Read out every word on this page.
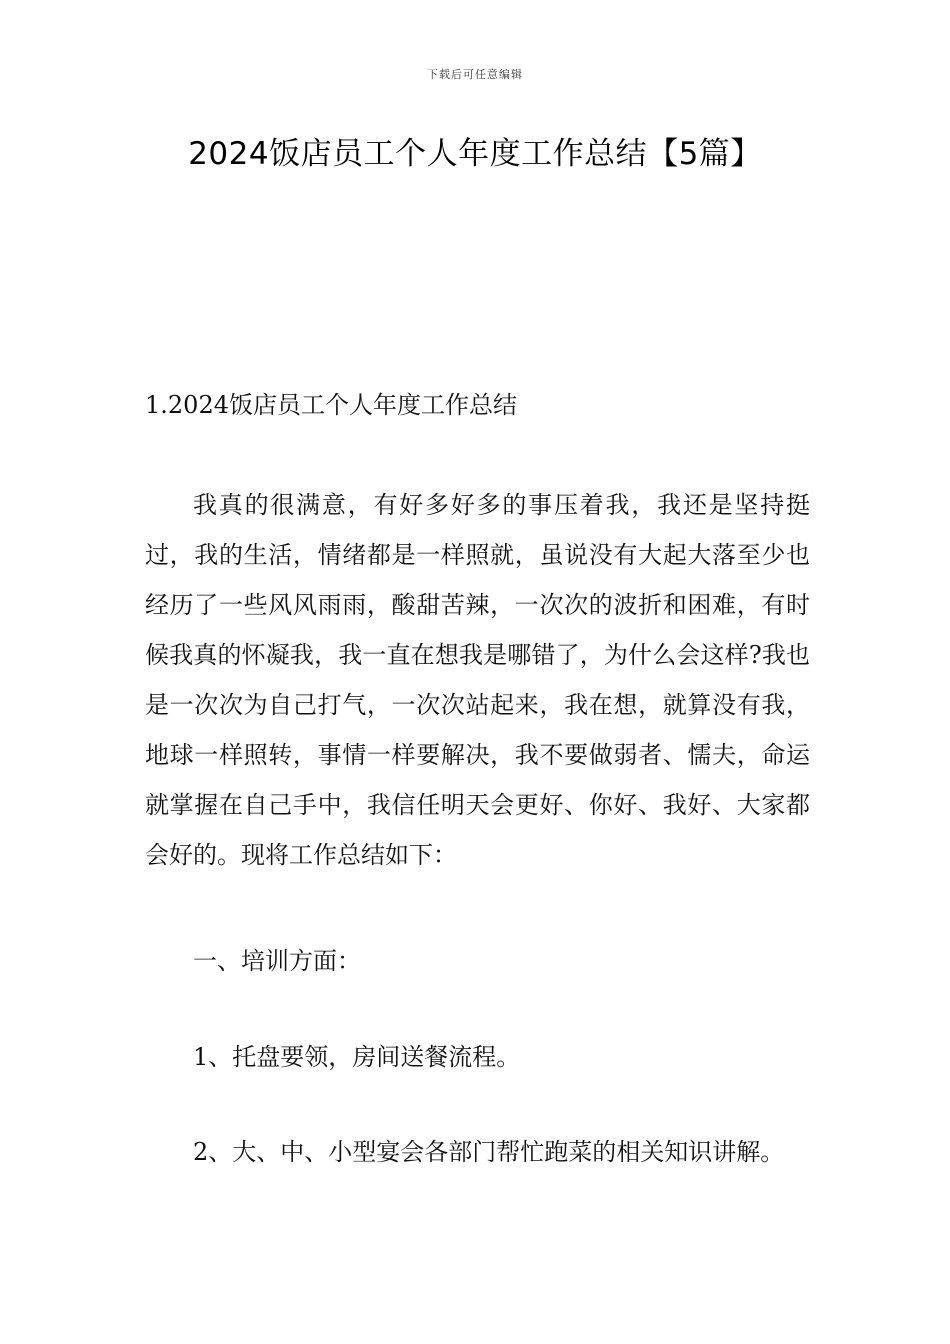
下载后可任意编辑
2024饭店员工个人年度工作总结【5篇】

1.2024饭店员工个人年度工作总结

我真的很满意，有好多好多的事压着我，我还是坚持挺过，我的生活，情绪都是一样照就，虽说没有大起大落至少也经历了一些风风雨雨，酸甜苦辣，一次次的波折和困难，有时候我真的怀凝我，我一直在想我是哪错了，为什么会这样?我也是一次次为自己打气，一次次站起来，我在想，就算没有我，地球一样照转，事情一样要解决，我不要做弱者、懦夫，命运就掌握在自己手中，我信任明天会更好、你好、我好、大家都会好的。现将工作总结如下：

一、培训方面：

1、托盘要领，房间送餐流程。

2、大、中、小型宴会各部门帮忙跑菜的相关知识讲解。
